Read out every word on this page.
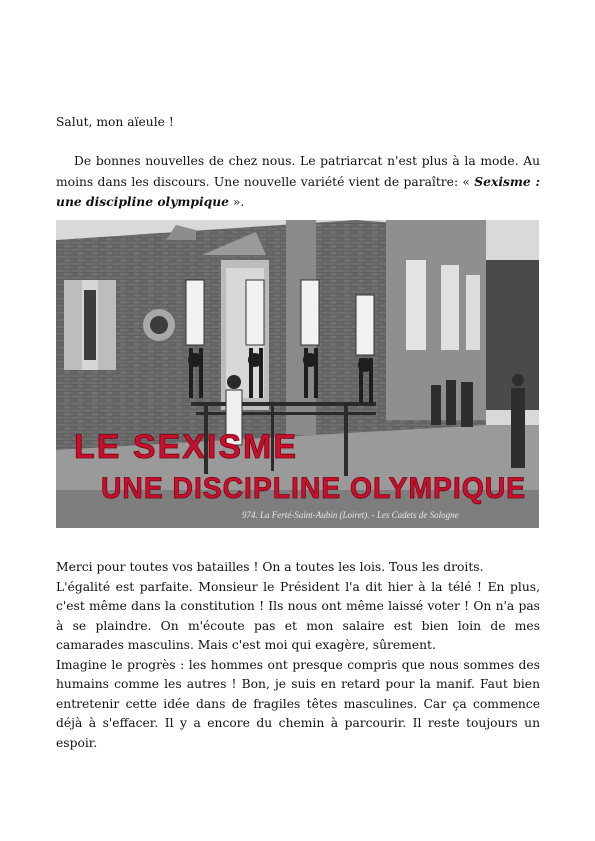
Salut, mon aïeule !

De bonnes nouvelles de chez nous. Le patriarcat n'est plus à la mode. Au moins dans les discours. Une nouvelle variété vient de paraître: « Sexisme : une discipline olympique ».

LE SEXISME
UNE DISCIPLINE OLYMPIQUE
974. La Ferté-Saint-Aubin (Loiret). - Les Cadets de Sologne

Merci pour toutes vos batailles ! On a toutes les lois. Tous les droits.

L'égalité est parfaite. Monsieur le Président l'a dit hier à la télé ! En plus, c'est même dans la constitution ! Ils nous ont même laissé voter ! On n'a pas à se plaindre. On m'écoute pas et mon salaire est bien loin de mes camarades masculins. Mais c'est moi qui exagère, sûrement.

Imagine le progrès : les hommes ont presque compris que nous sommes des humains comme les autres ! Bon, je suis en retard pour la manif. Faut bien entretenir cette idée dans de fragiles têtes masculines. Car ça commence déjà à s'effacer. Il y a encore du chemin à parcourir. Il reste toujours un espoir.
